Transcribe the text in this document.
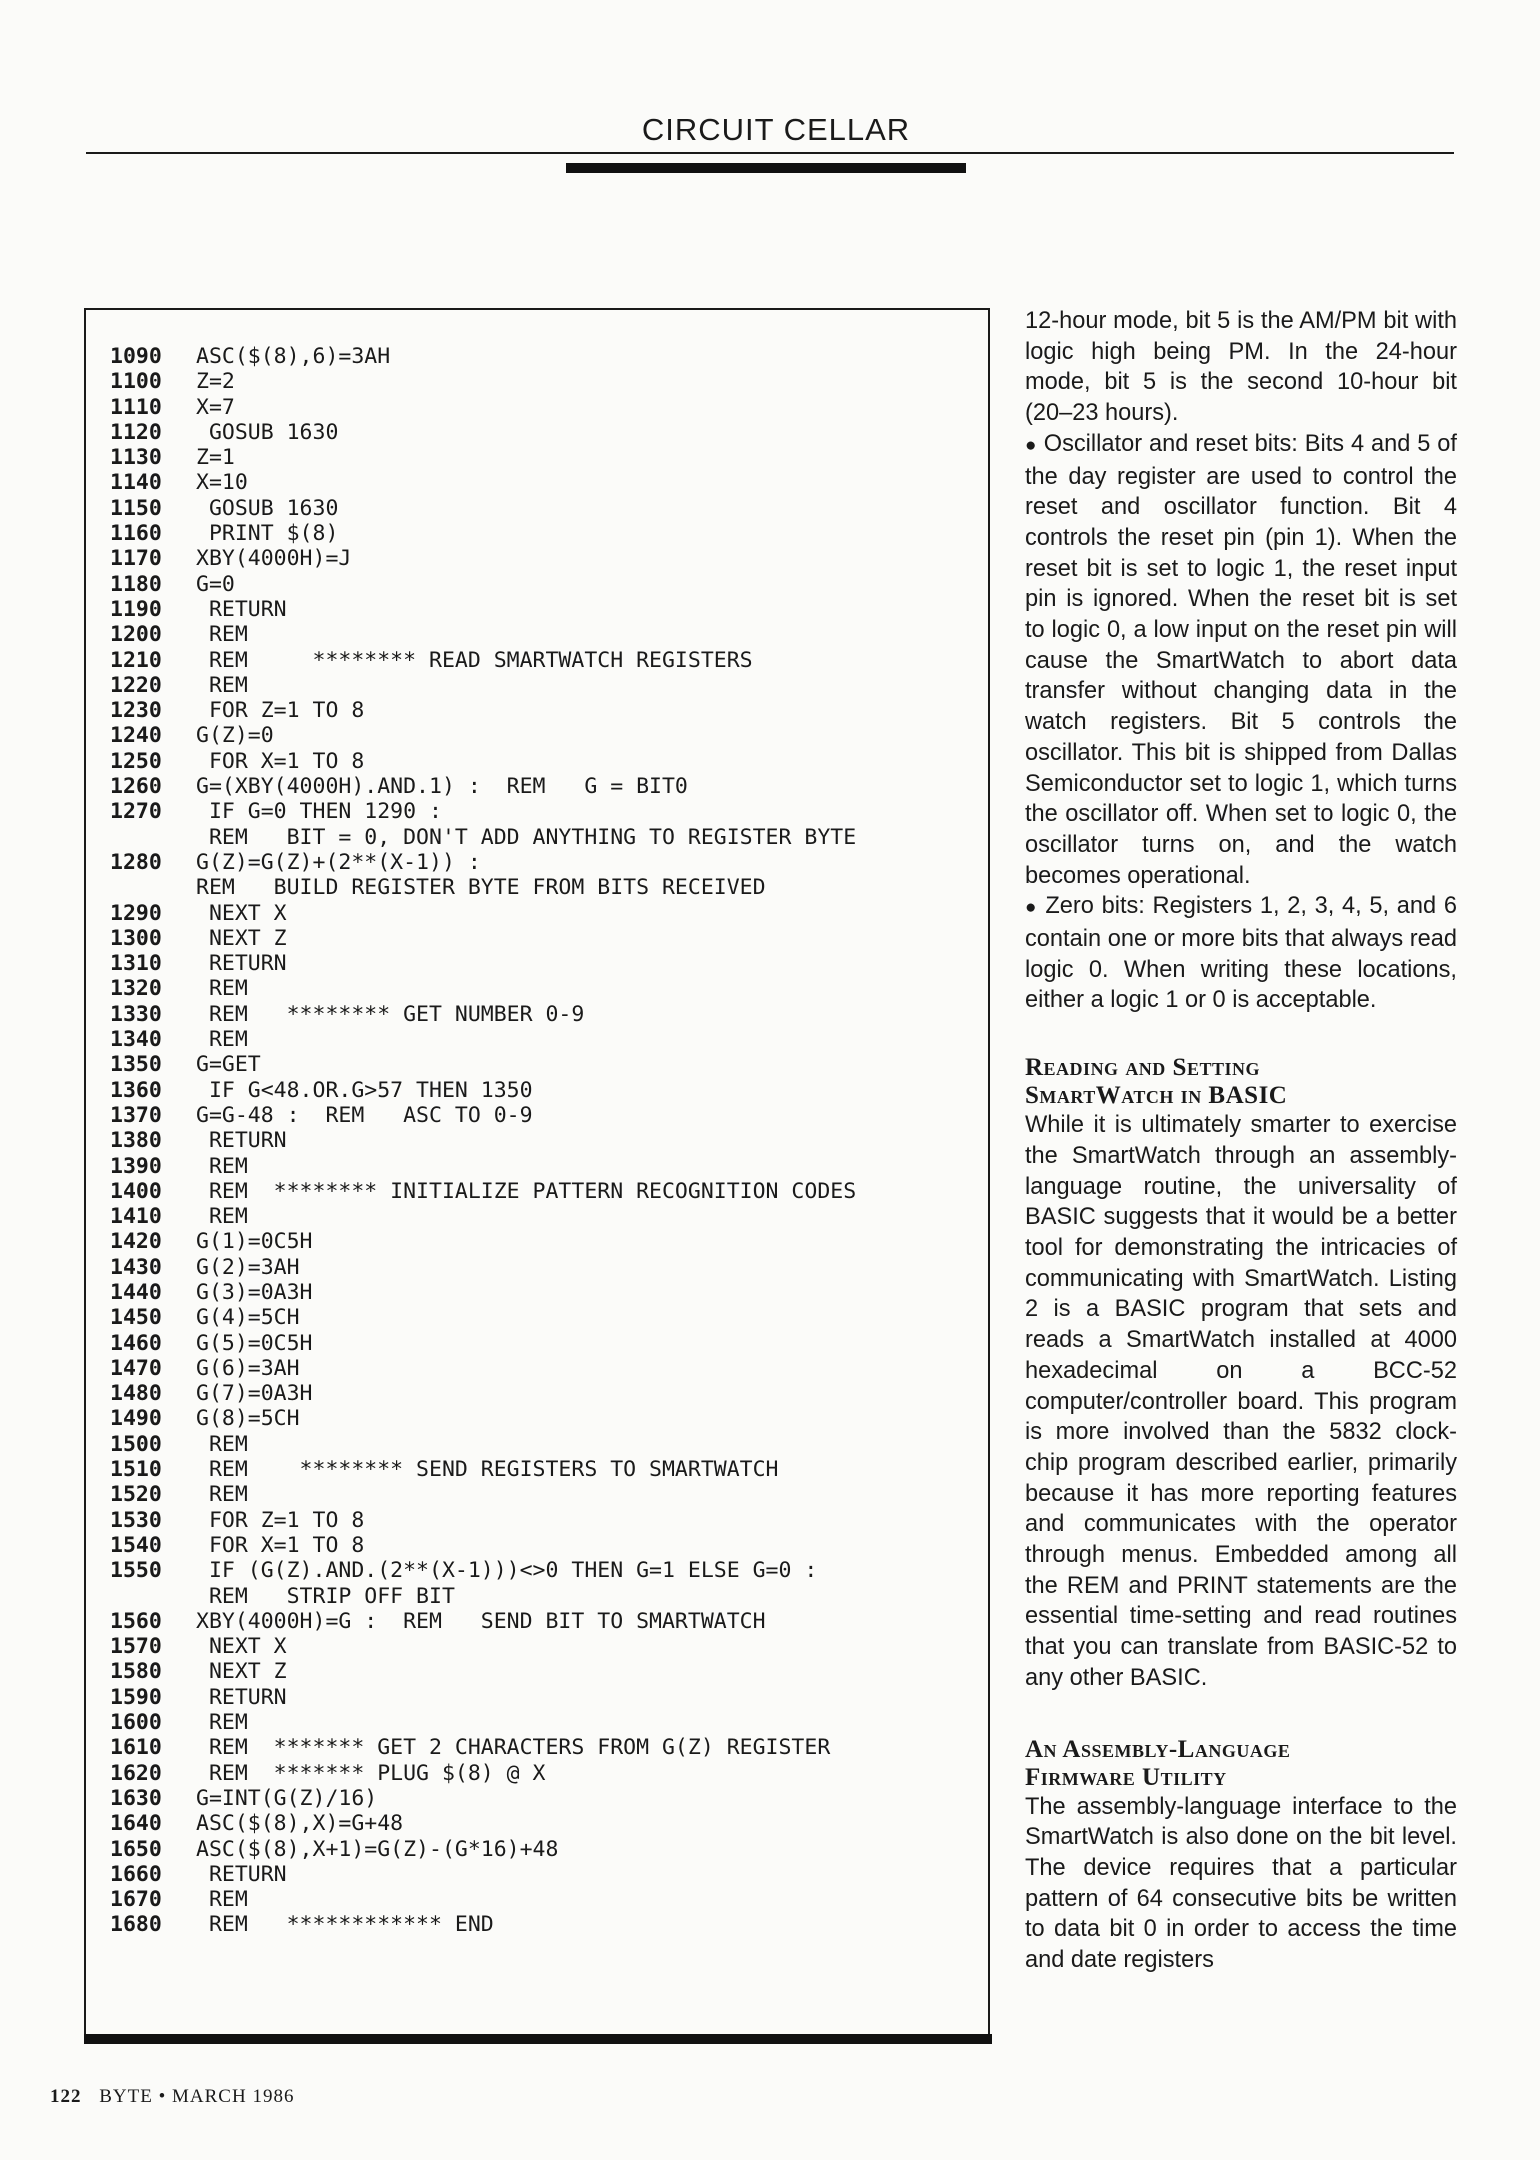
CIRCUIT CELLAR
1090 ASC($(8),6)=3AH
1100 Z=2
1110 X=7
1120 GOSUB 1630
1130 Z=1
1140 X=10
1150 GOSUB 1630
1160 PRINT $(8)
1170 XBY(4000H)=J
1180 G=0
1190 RETURN
1200 REM
1210 REM     ******** READ SMARTWATCH REGISTERS
1220 REM
1230 FOR Z=1 TO 8
1240 G(Z)=0
1250 FOR X=1 TO 8
1260 G=(XBY(4000H).AND.1) :  REM   G = BIT0
1270 IF G=0 THEN 1290 :
REM   BIT = 0, DON'T ADD ANYTHING TO REGISTER BYTE
1280 G(Z)=G(Z)+(2**(X-1)) :
REM   BUILD REGISTER BYTE FROM BITS RECEIVED
1290 NEXT X
1300 NEXT Z
1310 RETURN
1320 REM
1330 REM   ******** GET NUMBER 0-9
1340 REM
1350 G=GET
1360 IF G<48.OR.G>57 THEN 1350
1370 G=G-48 :  REM   ASC TO 0-9
1380 RETURN
1390 REM
1400 REM  ******** INITIALIZE PATTERN RECOGNITION CODES
1410 REM
1420 G(1)=0C5H
1430 G(2)=3AH
1440 G(3)=0A3H
1450 G(4)=5CH
1460 G(5)=0C5H
1470 G(6)=3AH
1480 G(7)=0A3H
1490 G(8)=5CH
1500 REM
1510 REM    ******** SEND REGISTERS TO SMARTWATCH
1520 REM
1530 FOR Z=1 TO 8
1540 FOR X=1 TO 8
1550 IF (G(Z).AND.(2**(X-1)))<>0 THEN G=1 ELSE G=0 :
REM   STRIP OFF BIT
1560 XBY(4000H)=G :  REM   SEND BIT TO SMARTWATCH
1570 NEXT X
1580 NEXT Z
1590 RETURN
1600 REM
1610 REM  ******* GET 2 CHARACTERS FROM G(Z) REGISTER
1620 REM  ******* PLUG $(8) @ X
1630 G=INT(G(Z)/16)
1640 ASC($(8),X)=G+48
1650 ASC($(8),X+1)=G(Z)-(G*16)+48
1660 RETURN
1670 REM
1680 REM   ************ END

12-hour mode, bit 5 is the AM/PM bit with logic high being PM. In the 24-hour mode, bit 5 is the second 10-hour bit (20–23 hours).

● Oscillator and reset bits: Bits 4 and 5 of the day register are used to control the reset and oscillator function. Bit 4 controls the reset pin (pin 1). When the reset bit is set to logic 1, the reset input pin is ignored. When the reset bit is set to logic 0, a low input on the reset pin will cause the SmartWatch to abort data transfer without changing data in the watch registers. Bit 5 controls the oscillator. This bit is shipped from Dallas Semiconductor set to logic 1, which turns the oscillator off. When set to logic 0, the oscillator turns on, and the watch becomes operational.

● Zero bits: Registers 1, 2, 3, 4, 5, and 6 contain one or more bits that always read logic 0. When writing these locations, either a logic 1 or 0 is acceptable.

Reading and Setting
SmartWatch in BASIC

While it is ultimately smarter to exercise the SmartWatch through an assembly-language routine, the universality of BASIC suggests that it would be a better tool for demonstrating the intricacies of communicating with SmartWatch. Listing 2 is a BASIC program that sets and reads a SmartWatch installed at 4000 hexadecimal on a BCC-52 computer/controller board. This program is more involved than the 5832 clock-chip program described earlier, primarily because it has more reporting features and communicates with the operator through menus. Embedded among all the REM and PRINT statements are the essential time-setting and read routines that you can translate from BASIC-52 to any other BASIC.

An Assembly-Language
Firmware Utility

The assembly-language interface to the SmartWatch is also done on the bit level. The device requires that a particular pattern of 64 consecutive bits be written to data bit 0 in order to access the time and date registers

122 BYTE • MARCH 1986
